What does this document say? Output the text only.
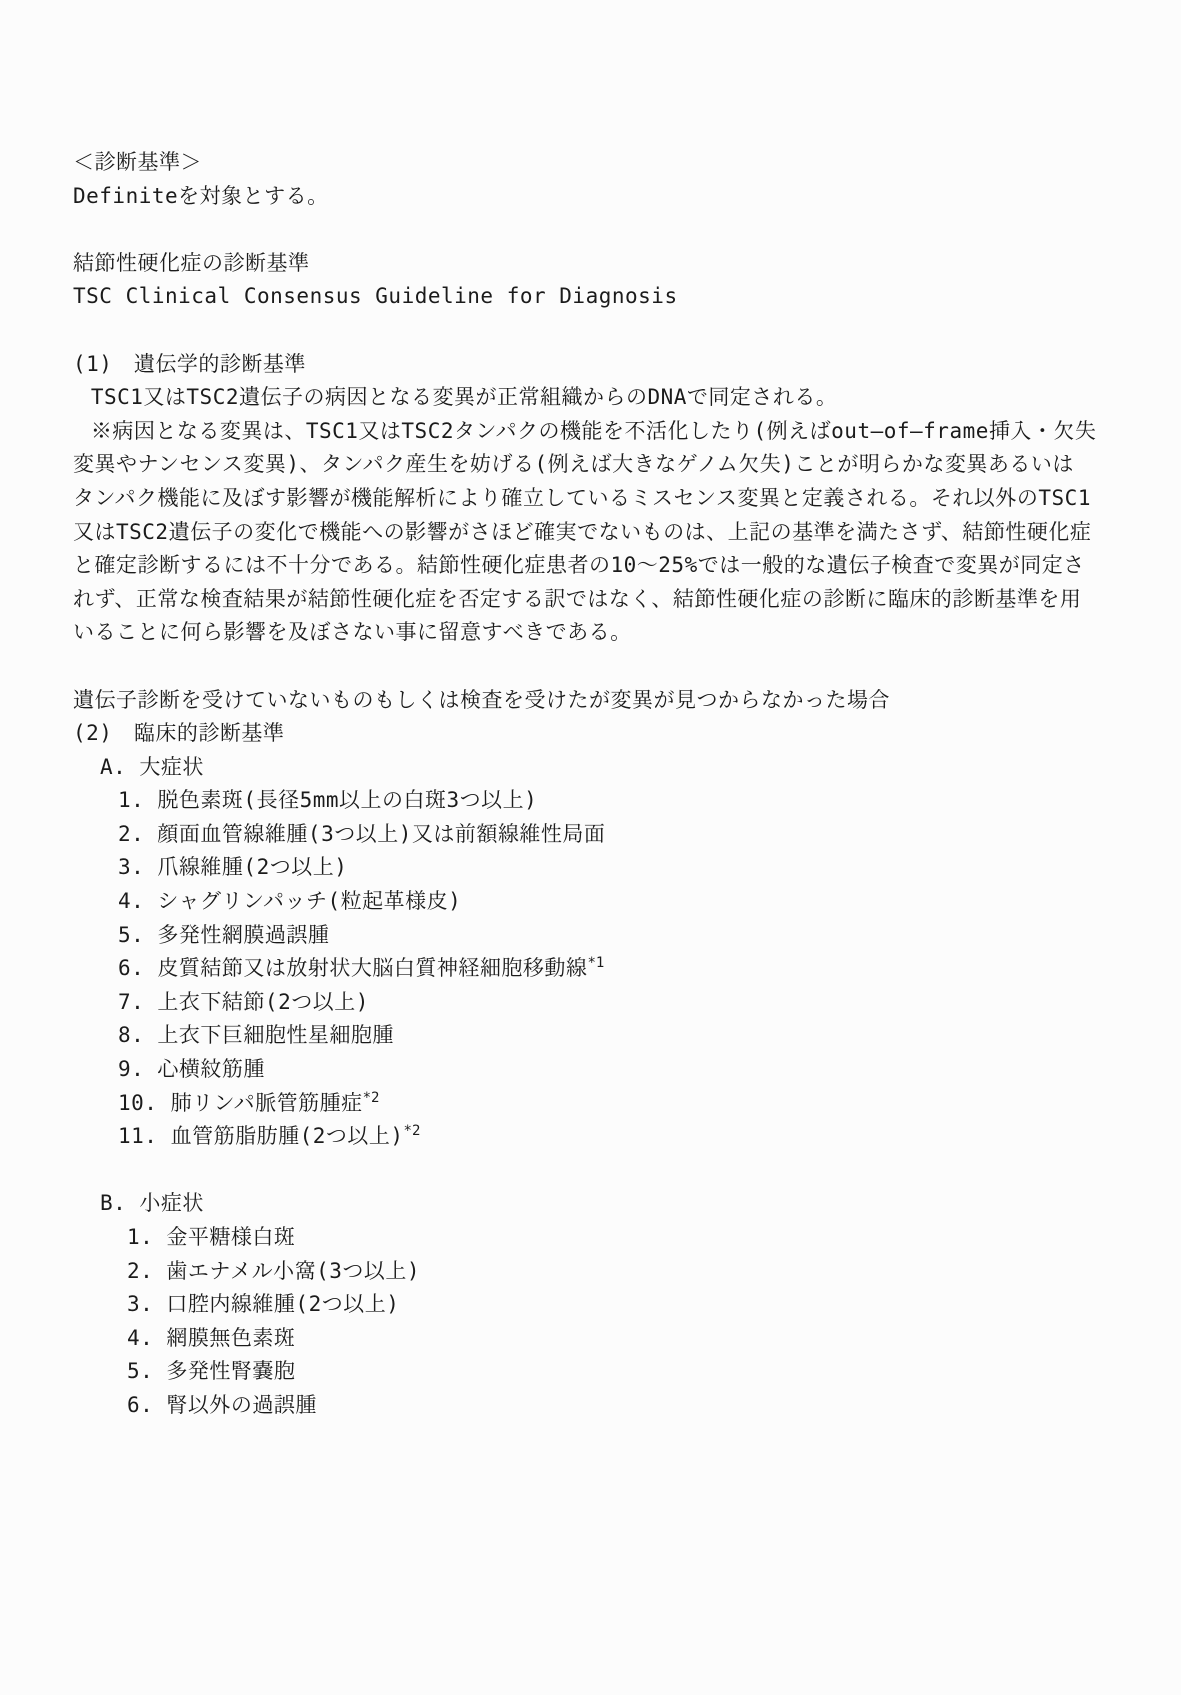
＜診断基準＞
Definiteを対象とする。
結節性硬化症の診断基準
TSC Clinical Consensus Guideline for Diagnosis
(1)　遺伝学的診断基準
TSC1又はTSC2遺伝子の病因となる変異が正常組織からのDNAで同定される。
※病因となる変異は、TSC1又はTSC2タンパクの機能を不活化したり(例えばout—of—frame挿入・欠失
変異やナンセンス変異)、タンパク産生を妨げる(例えば大きなゲノム欠失)ことが明らかな変異あるいは
タンパク機能に及ぼす影響が機能解析により確立しているミスセンス変異と定義される。それ以外のTSC1
又はTSC2遺伝子の変化で機能への影響がさほど確実でないものは、上記の基準を満たさず、結節性硬化症
と確定診断するには不十分である。結節性硬化症患者の10〜25%では一般的な遺伝子検査で変異が同定さ
れず、正常な検査結果が結節性硬化症を否定する訳ではなく、結節性硬化症の診断に臨床的診断基準を用
いることに何ら影響を及ぼさない事に留意すべきである。
遺伝子診断を受けていないものもしくは検査を受けたが変異が見つからなかった場合
(2)　臨床的診断基準
A. 大症状
1. 脱色素斑(長径5mm以上の白斑3つ以上)
2. 顔面血管線維腫(3つ以上)又は前額線維性局面
3. 爪線維腫(2つ以上)
4. シャグリンパッチ(粒起革様皮)
5. 多発性網膜過誤腫
6. 皮質結節又は放射状大脳白質神経細胞移動線$^{*1}$
7. 上衣下結節(2つ以上)
8. 上衣下巨細胞性星細胞腫
9. 心横紋筋腫
10. 肺リンパ脈管筋腫症$^{*2}$
11. 血管筋脂肪腫(2つ以上)$^{*2}$
B. 小症状
1. 金平糖様白斑
2. 歯エナメル小窩(3つ以上)
3. 口腔内線維腫(2つ以上)
4. 網膜無色素斑
5. 多発性腎嚢胞
6. 腎以外の過誤腫
